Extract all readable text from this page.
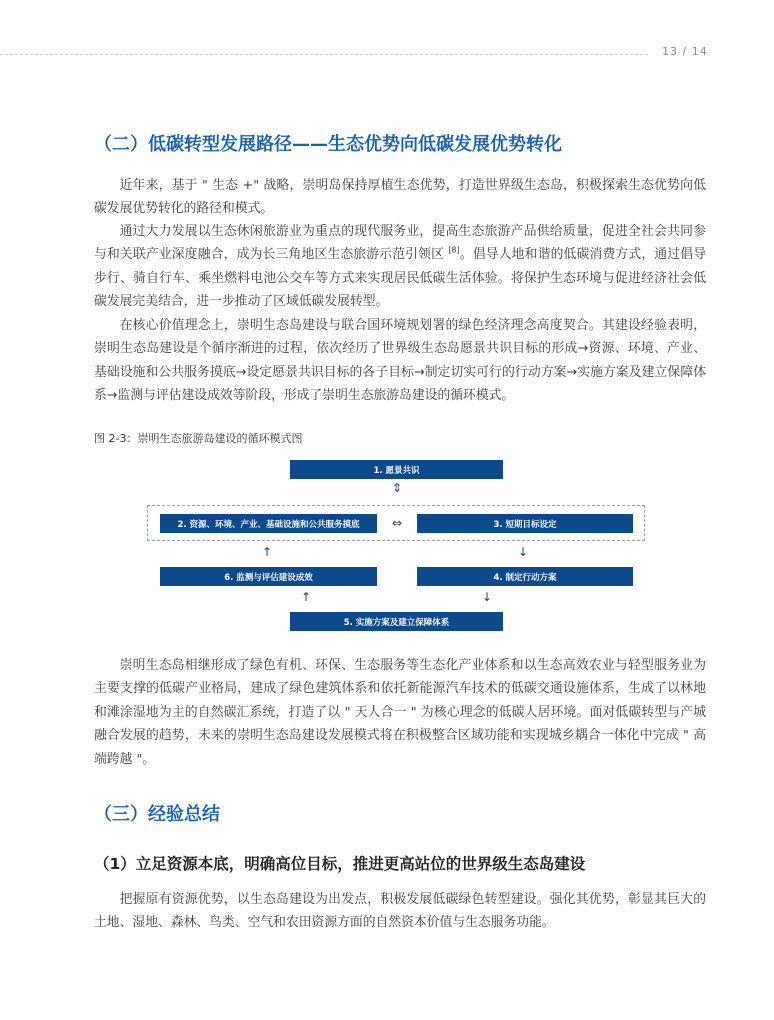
13 / 14
（二）低碳转型发展路径——生态优势向低碳发展优势转化

近年来，基于 " 生态 +" 战略，崇明岛保持厚植生态优势，打造世界级生态岛，积极探索生态优势向低碳发展优势转化的路径和模式。

通过大力发展以生态休闲旅游业为重点的现代服务业，提高生态旅游产品供给质量，促进全社会共同参与和关联产业深度融合，成为长三角地区生态旅游示范引领区 [8]。倡导人地和谐的低碳消费方式，通过倡导步行、骑自行车、乘坐燃料电池公交车等方式来实现居民低碳生活体验。将保护生态环境与促进经济社会低碳发展完美结合，进一步推动了区域低碳发展转型。

在核心价值理念上，崇明生态岛建设与联合国环境规划署的绿色经济理念高度契合。其建设经验表明，崇明生态岛建设是个循序渐进的过程，依次经历了世界级生态岛愿景共识目标的形成→资源、环境、产业、基础设施和公共服务摸底→设定愿景共识目标的各子目标→制定切实可行的行动方案→实施方案及建立保障体系→监测与评估建设成效等阶段，形成了崇明生态旅游岛建设的循环模式。

图 2-3：崇明生态旅游岛建设的循环模式图
1. 愿景共识
⇕
2. 资源、环境、产业、基础设施和公共服务摸底	⇔	3. 短期目标设定
↑	↓
6. 监测与评估建设成效	4. 制定行动方案
↑	↓
5. 实施方案及建立保障体系

崇明生态岛相继形成了绿色有机、环保、生态服务等生态化产业体系和以生态高效农业与轻型服务业为主要支撑的低碳产业格局，建成了绿色建筑体系和依托新能源汽车技术的低碳交通设施体系，生成了以林地和滩涂湿地为主的自然碳汇系统，打造了以 " 天人合一 " 为核心理念的低碳人居环境。面对低碳转型与产城融合发展的趋势，未来的崇明生态岛建设发展模式将在积极整合区域功能和实现城乡耦合一体化中完成 " 高端跨越 "。

（三）经验总结
（1）立足资源本底，明确高位目标，推进更高站位的世界级生态岛建设

把握原有资源优势，以生态岛建设为出发点，积极发展低碳绿色转型建设。强化其优势，彰显其巨大的土地、湿地、森林、鸟类、空气和农田资源方面的自然资本价值与生态服务功能。
